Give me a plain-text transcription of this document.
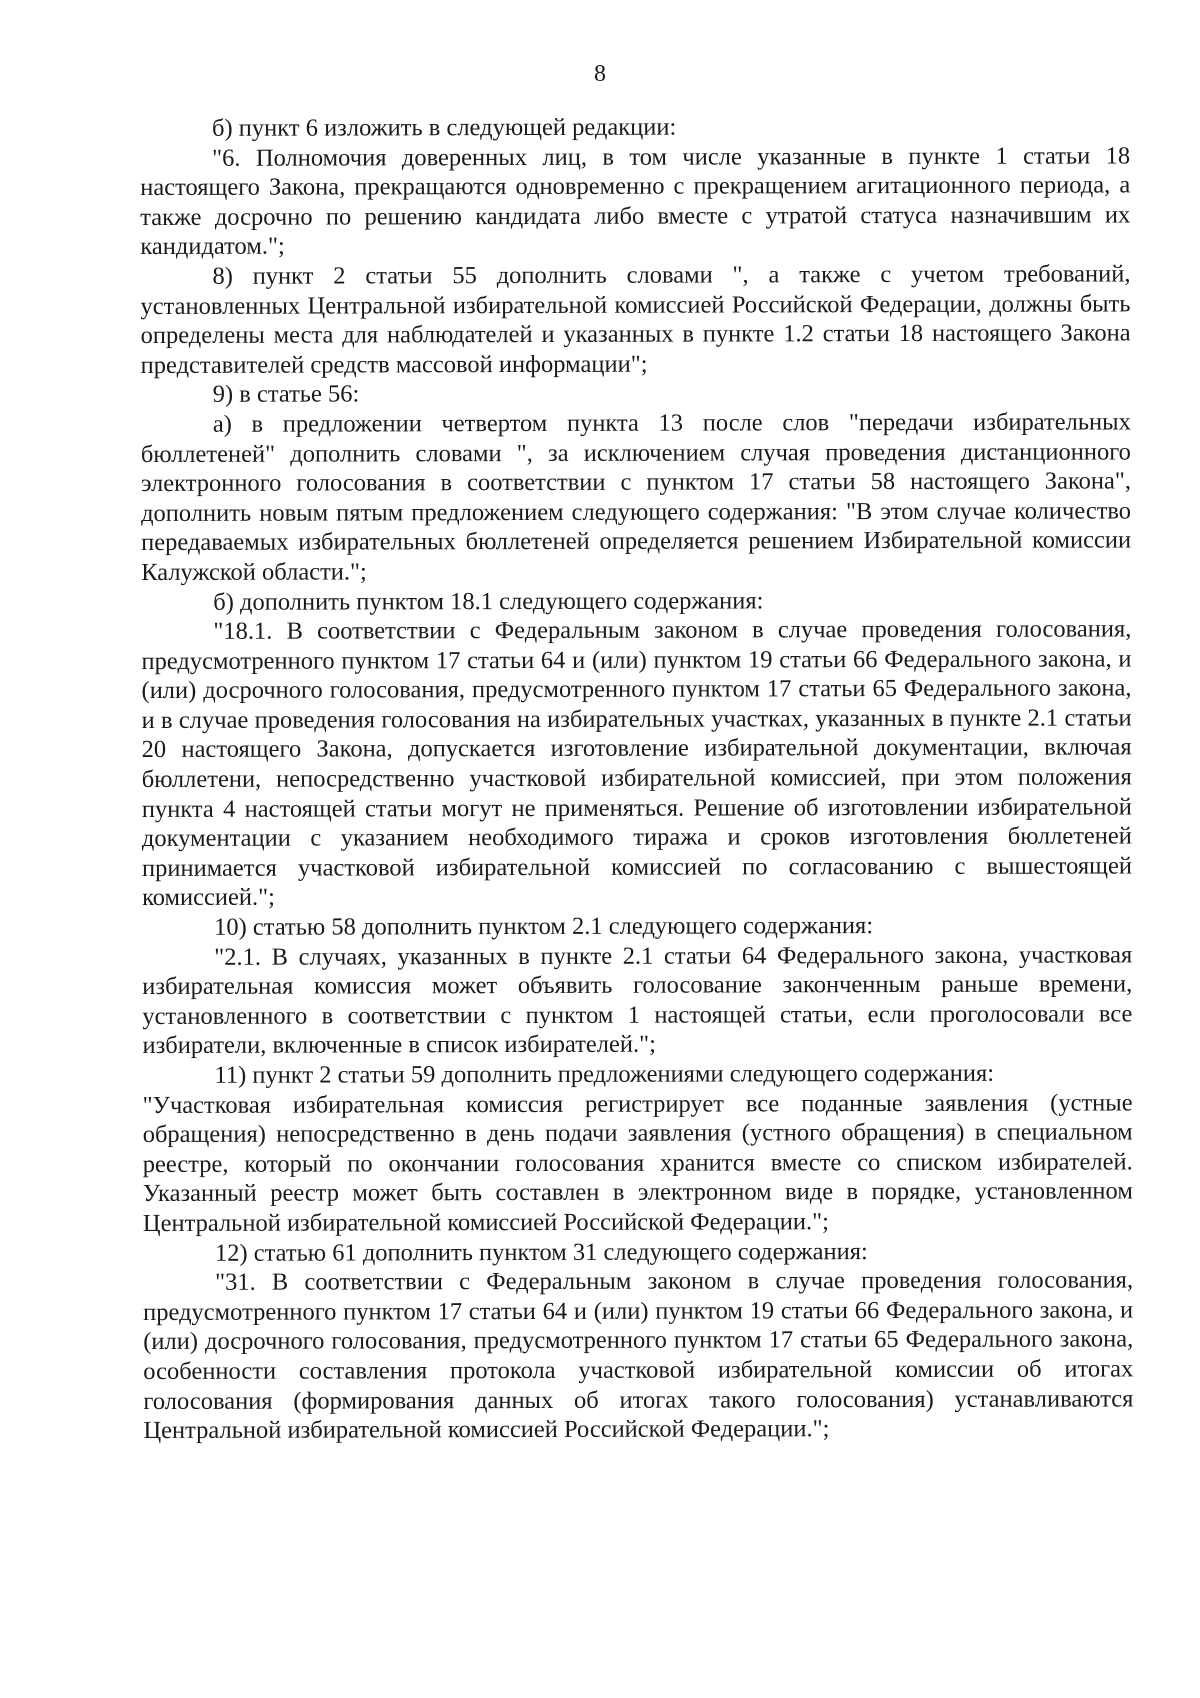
8

б) пункт 6 изложить в следующей редакции:

"6. Полномочия доверенных лиц, в том числе указанные в пункте 1 статьи 18 настоящего Закона, прекращаются одновременно с прекращением агитационного периода, а также досрочно по решению кандидата либо вместе с утратой статуса назначившим их кандидатом.";

8) пункт 2 статьи 55 дополнить словами ", а также с учетом требований, установленных Центральной избирательной комиссией Российской Федерации, должны быть определены места для наблюдателей и указанных в пункте 1.2 статьи 18 настоящего Закона представителей средств массовой информации";

9) в статье 56:

а) в предложении четвертом пункта 13 после слов "передачи избирательных бюллетеней" дополнить словами ", за исключением случая проведения дистанционного электронного голосования в соответствии с пунктом 17 статьи 58 настоящего Закона", дополнить новым пятым предложением следующего содержания: "В этом случае количество передаваемых избирательных бюллетеней определяется решением Избирательной комиссии Калужской области.";

б) дополнить пунктом 18.1 следующего содержания:

"18.1. В соответствии с Федеральным законом в случае проведения голосования, предусмотренного пунктом 17 статьи 64 и (или) пунктом 19 статьи 66 Федерального закона, и (или) досрочного голосования, предусмотренного пунктом 17 статьи 65 Федерального закона, и в случае проведения голосования на избирательных участках, указанных в пункте 2.1 статьи 20 настоящего Закона, допускается изготовление избирательной документации, включая бюллетени, непосредственно участковой избирательной комиссией, при этом положения пункта 4 настоящей статьи могут не применяться. Решение об изготовлении избирательной документации с указанием необходимого тиража и сроков изготовления бюллетеней принимается участковой избирательной комиссией по согласованию с вышестоящей комиссией.";

10) статью 58 дополнить пунктом 2.1 следующего содержания:

"2.1. В случаях, указанных в пункте 2.1 статьи 64 Федерального закона, участковая избирательная комиссия может объявить голосование законченным раньше времени, установленного в соответствии с пунктом 1 настоящей статьи, если проголосовали все избиратели, включенные в список избирателей.";

11) пункт 2 статьи 59 дополнить предложениями следующего содержания:

"Участковая избирательная комиссия регистрирует все поданные заявления (устные обращения) непосредственно в день подачи заявления (устного обращения) в специальном реестре, который по окончании голосования хранится вместе со списком избирателей. Указанный реестр может быть составлен в электронном виде в порядке, установленном Центральной избирательной комиссией Российской Федерации.";

12) статью 61 дополнить пунктом 31 следующего содержания:

"31. В соответствии с Федеральным законом в случае проведения голосования, предусмотренного пунктом 17 статьи 64 и (или) пунктом 19 статьи 66 Федерального закона, и (или) досрочного голосования, предусмотренного пунктом 17 статьи 65 Федерального закона, особенности составления протокола участковой избирательной комиссии об итогах голосования (формирования данных об итогах такого голосования) устанавливаются Центральной избирательной комиссией Российской Федерации.";
